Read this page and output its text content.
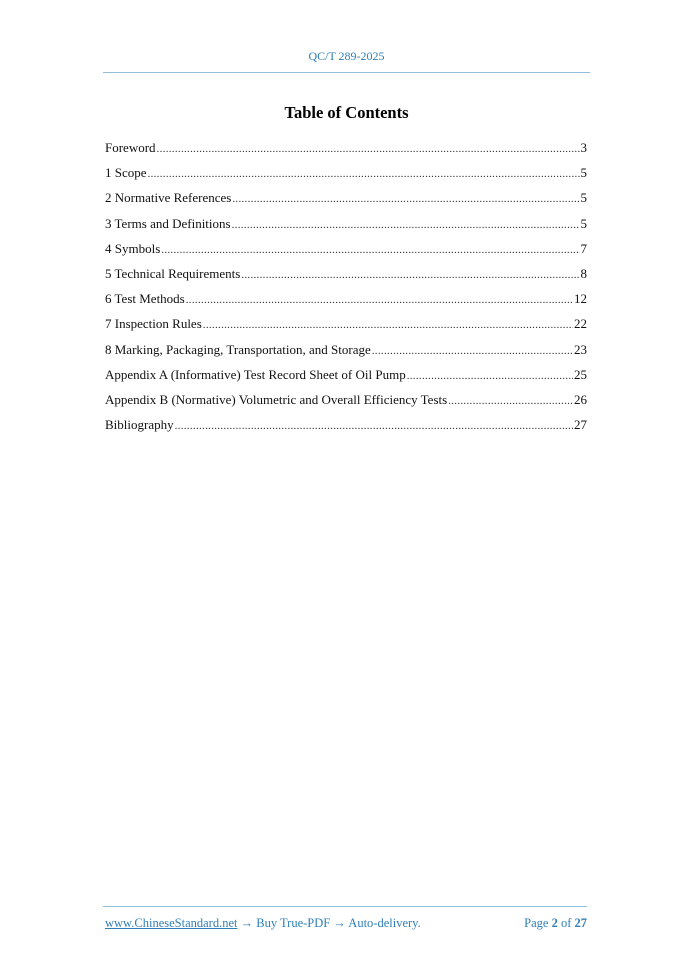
QC/T 289-2025
Table of Contents
Foreword .....	3
1 Scope .....	5
2 Normative References .....	5
3 Terms and Definitions .....	5
4 Symbols .....	7
5 Technical Requirements .....	8
6 Test Methods .....	12
7 Inspection Rules .....	22
8 Marking, Packaging, Transportation, and Storage .....	23
Appendix A (Informative) Test Record Sheet of Oil Pump .....	25
Appendix B (Normative) Volumetric and Overall Efficiency Tests .....	26
Bibliography .....	27
www.ChineseStandard.net → Buy True-PDF → Auto-delivery.	Page 2 of 27
